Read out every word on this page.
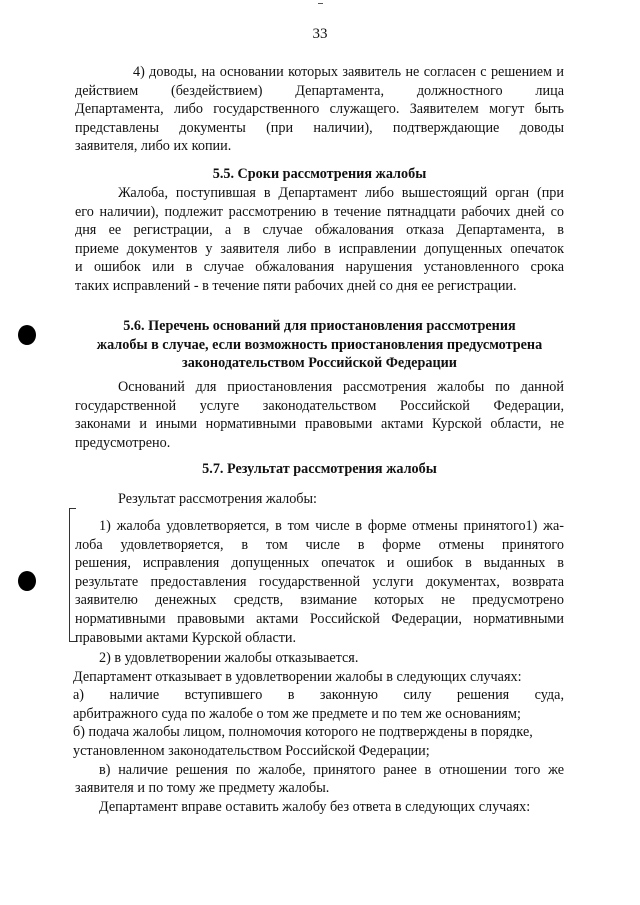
33
4) доводы, на основании которых заявитель не согласен с решением и
действием (бездействием) Департамента, должностного лица
Департамента, либо государственного служащего. Заявителем могут быть
представлены документы (при наличии), подтверждающие доводы
заявителя, либо их копии.
5.5. Сроки рассмотрения жалобы
Жалоба, поступившая в Департамент либо вышестоящий орган (при
его наличии), подлежит рассмотрению в течение пятнадцати рабочих дней со
дня ее регистрации, а в случае обжалования отказа Департамента, в
приеме документов у заявителя либо в исправлении допущенных опечаток
и ошибок или в случае обжалования нарушения установленного срока
таких исправлений - в течение пяти рабочих дней со дня ее регистрации.
5.6. Перечень оснований для приостановления рассмотрения
жалобы в случае, если возможность приостановления предусмотрена
законодательством Российской Федерации
Оснований для приостановления рассмотрения жалобы по данной
государственной услуге законодательством Российской Федерации,
законами и иными нормативными правовыми актами Курской области, не
предусмотрено.
5.7. Результат рассмотрения жалобы
Результат рассмотрения жалобы:
1) жалоба удовлетворяется, в том числе в форме отмены принятого1) жа-
лоба удовлетворяется, в том числе в форме отмены принятого
решения, исправления допущенных опечаток и ошибок в выданных в
результате предоставления государственной услуги документах, возврата
заявителю денежных средств, взимание которых не предусмотрено
нормативными правовыми актами Российской Федерации, нормативными
правовыми актами Курской области.
2) в удовлетворении жалобы отказывается.
Департамент отказывает в удовлетворении жалобы в следующих случаях:
а) наличие вступившего в законную силу решения суда,
арбитражного суда по жалобе о том же предмете и по тем же основаниям;
б) подача жалобы лицом, полномочия которого не подтверждены в порядке,
установленном законодательством Российской Федерации;
в) наличие решения по жалобе, принятого ранее в отношении того же
заявителя и по тому же предмету жалобы.
Департамент вправе оставить жалобу без ответа в следующих случаях:
